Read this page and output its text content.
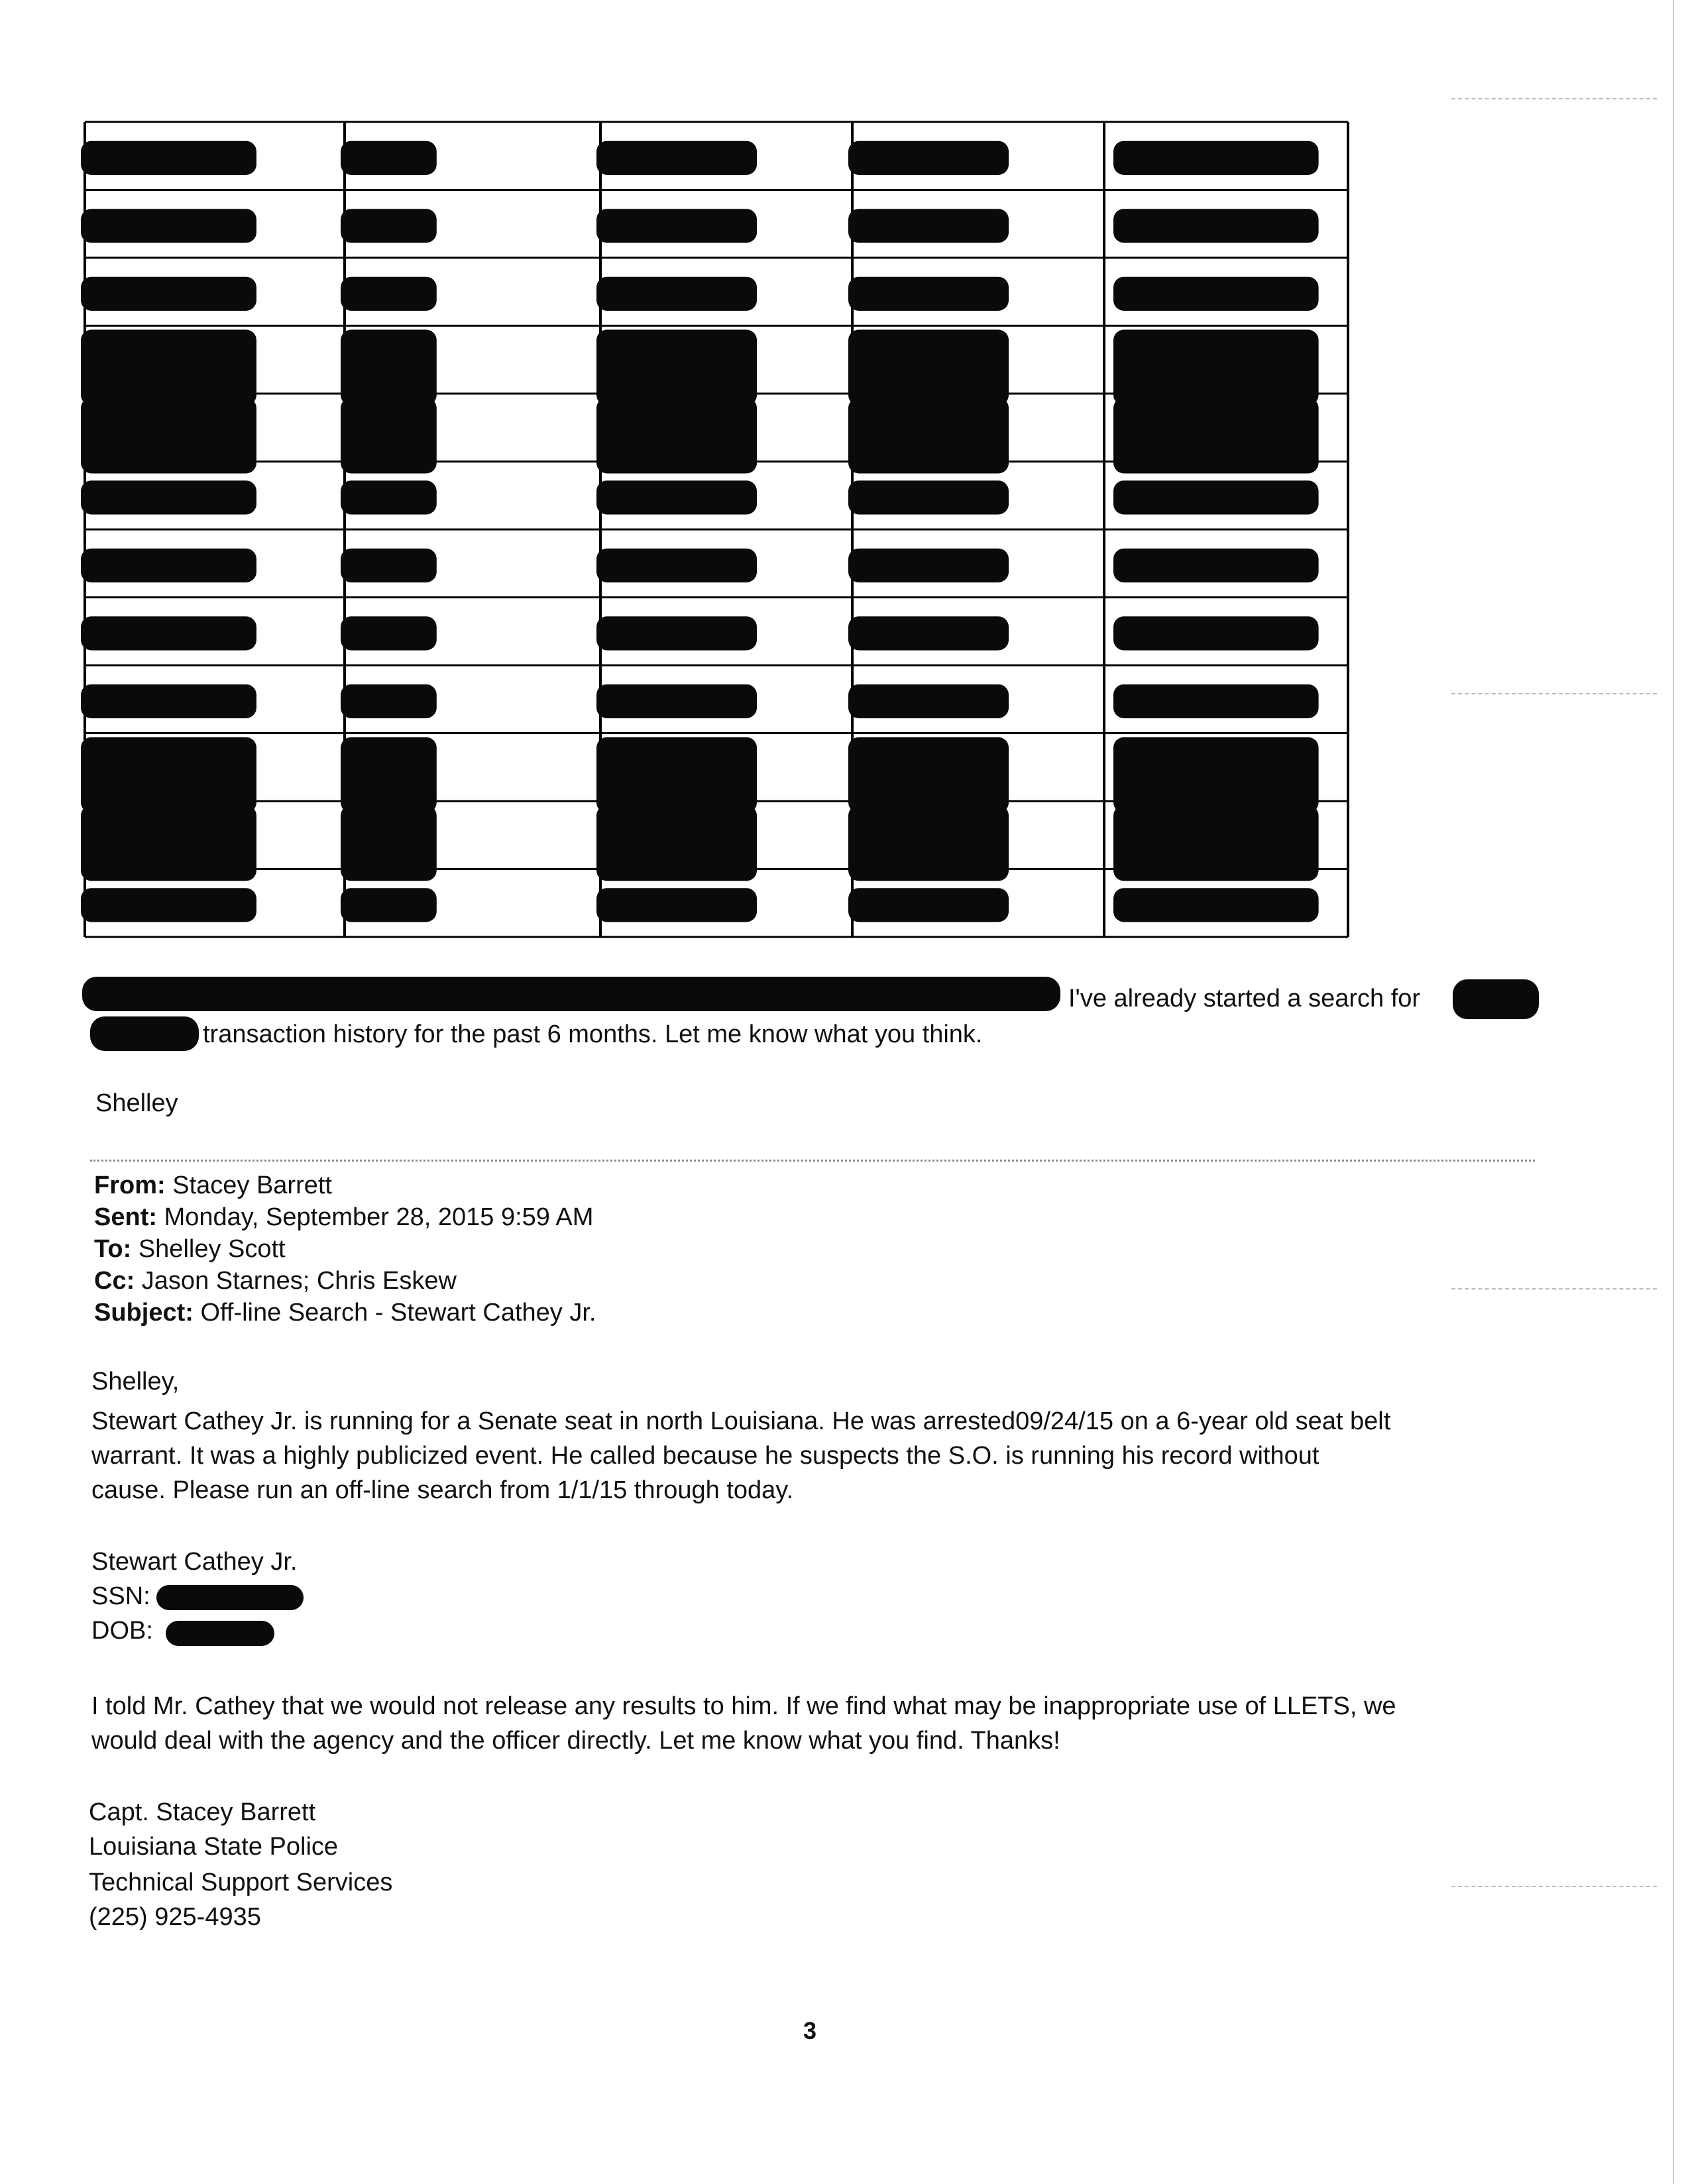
I've already started a search for
transaction history for the past 6 months. Let me know what you think.
Shelley
From: Stacey Barrett
Sent: Monday, September 28, 2015 9:59 AM
To: Shelley Scott
Cc: Jason Starnes; Chris Eskew
Subject: Off-line Search - Stewart Cathey Jr.
Shelley,
Stewart Cathey Jr. is running for a Senate seat in north Louisiana. He was arrested09/24/15 on a 6-year old seat belt
warrant. It was a highly publicized event. He called because he suspects the S.O. is running his record without
cause. Please run an off-line search from 1/1/15 through today.
Stewart Cathey Jr.
SSN:
DOB:
I told Mr. Cathey that we would not release any results to him. If we find what may be inappropriate use of LLETS, we
would deal with the agency and the officer directly. Let me know what you find. Thanks!
Capt. Stacey Barrett
Louisiana State Police
Technical Support Services
(225) 925-4935
3
